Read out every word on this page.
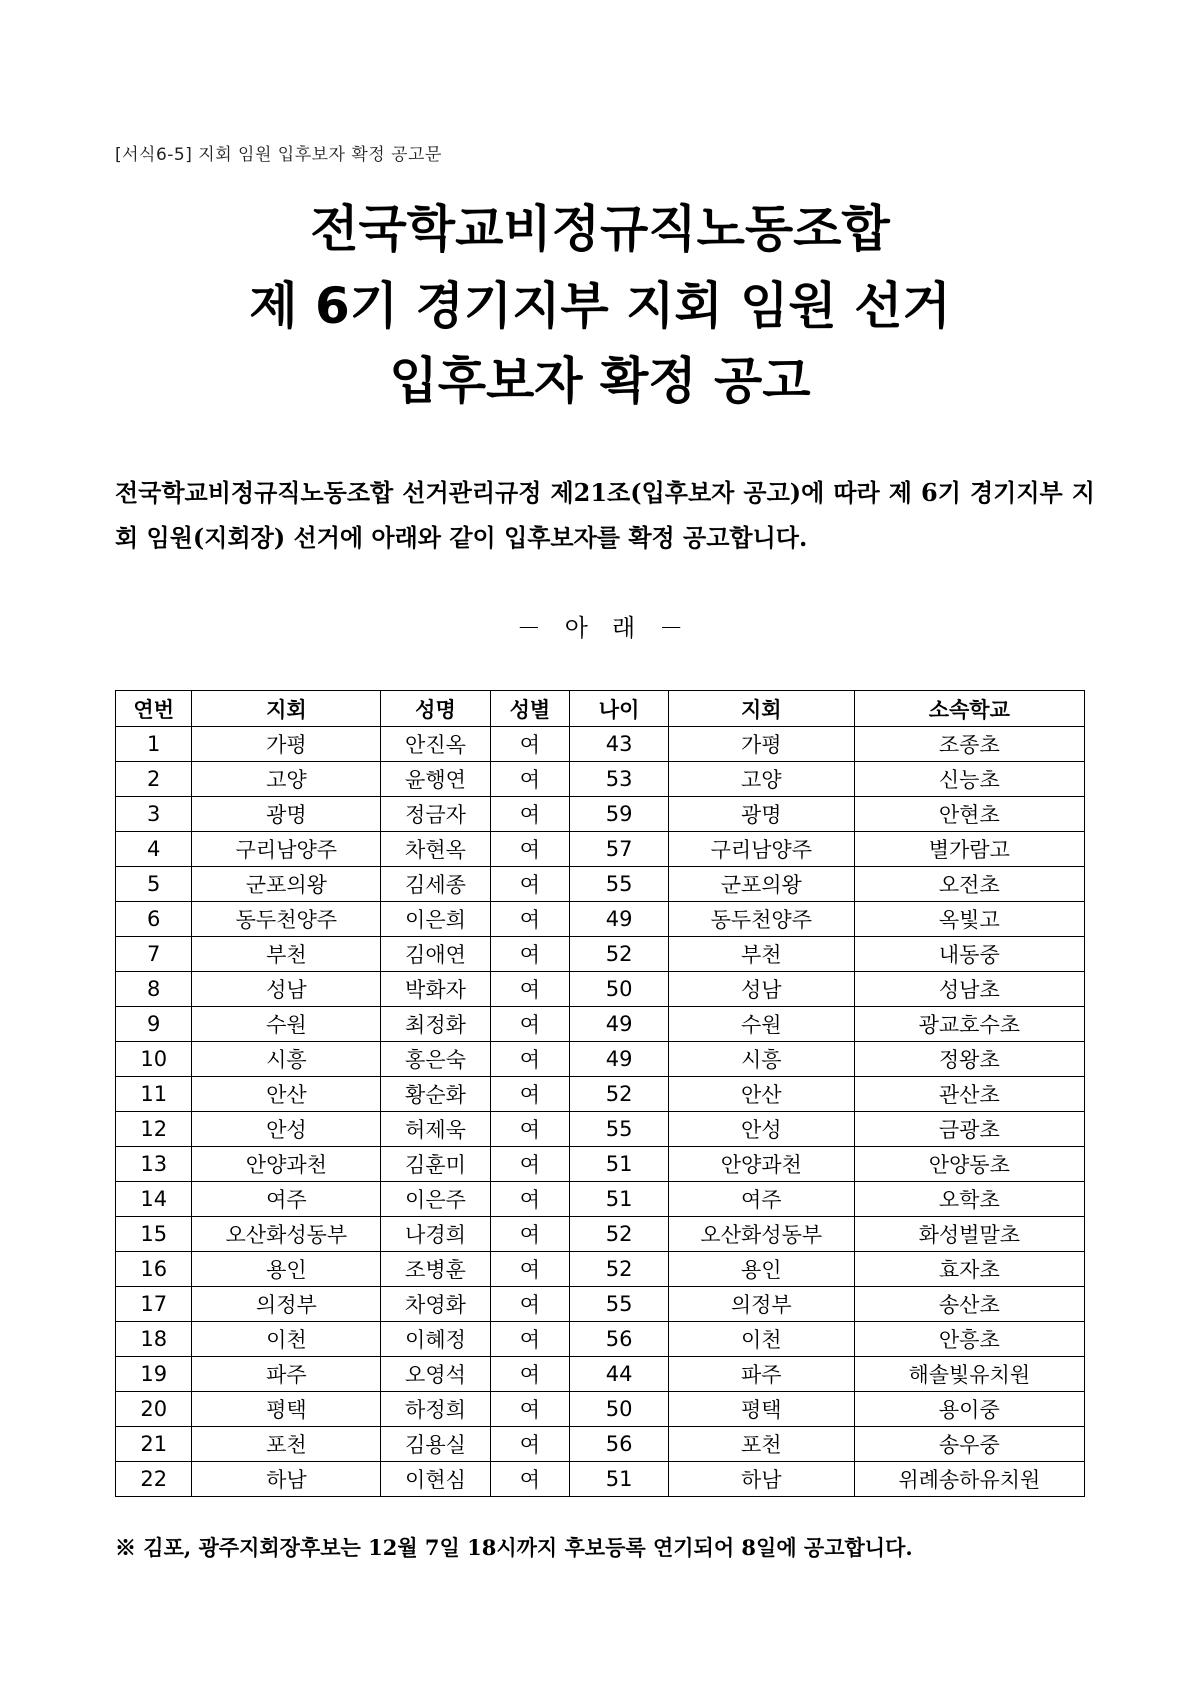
[서식6-5] 지회 임원 입후보자 확정 공고문
전국학교비정규직노동조합
제 6기 경기지부 지회 임원 선거
입후보자 확정 공고
전국학교비정규직노동조합 선거관리규정 제21조(입후보자 공고)에 따라 제 6기 경기지부 지회 임원(지회장) 선거에 아래와 같이 입후보자를 확정 공고합니다.
－　아　래　－
연번	지회	성명	성별	나이	지회	소속학교
1	가평	안진옥	여	43	가평	조종초
2	고양	윤행연	여	53	고양	신능초
3	광명	정금자	여	59	광명	안현초
4	구리남양주	차현옥	여	57	구리남양주	별가람고
5	군포의왕	김세종	여	55	군포의왕	오전초
6	동두천양주	이은희	여	49	동두천양주	옥빛고
7	부천	김애연	여	52	부천	내동중
8	성남	박화자	여	50	성남	성남초
9	수원	최정화	여	49	수원	광교호수초
10	시흥	홍은숙	여	49	시흥	정왕초
11	안산	황순화	여	52	안산	관산초
12	안성	허제욱	여	55	안성	금광초
13	안양과천	김훈미	여	51	안양과천	안양동초
14	여주	이은주	여	51	여주	오학초
15	오산화성동부	나경희	여	52	오산화성동부	화성벌말초
16	용인	조병훈	여	52	용인	효자초
17	의정부	차영화	여	55	의정부	송산초
18	이천	이혜정	여	56	이천	안흥초
19	파주	오영석	여	44	파주	해솔빛유치원
20	평택	하정희	여	50	평택	용이중
21	포천	김용실	여	56	포천	송우중
22	하남	이현심	여	51	하남	위례송하유치원
※ 김포, 광주지회장후보는 12월 7일 18시까지 후보등록 연기되어 8일에 공고합니다.
